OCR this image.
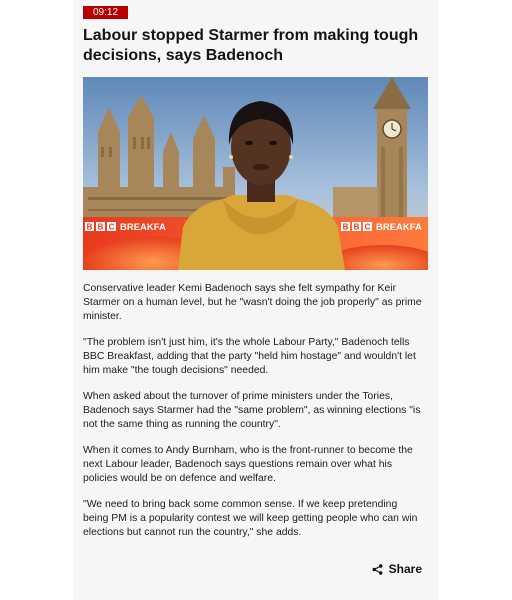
09:12
Labour stopped Starmer from making tough decisions, says Badenoch
B B C BREAKFA	B B C BREAKFA

Conservative leader Kemi Badenoch says she felt sympathy for Keir Starmer on a human level, but he "wasn't doing the job properly" as prime minister.

"The problem isn't just him, it's the whole Labour Party," Badenoch tells BBC Breakfast, adding that the party "held him hostage" and wouldn't let him make "the tough decisions" needed.

When asked about the turnover of prime ministers under the Tories, Badenoch says Starmer had the "same problem", as winning elections "is not the same thing as running the country".

When it comes to Andy Burnham, who is the front-runner to become the next Labour leader, Badenoch says questions remain over what his policies would be on defence and welfare.

"We need to bring back some common sense. If we keep pretending being PM is a popularity contest we will keep getting people who can win elections but cannot run the country," she adds.

Share
